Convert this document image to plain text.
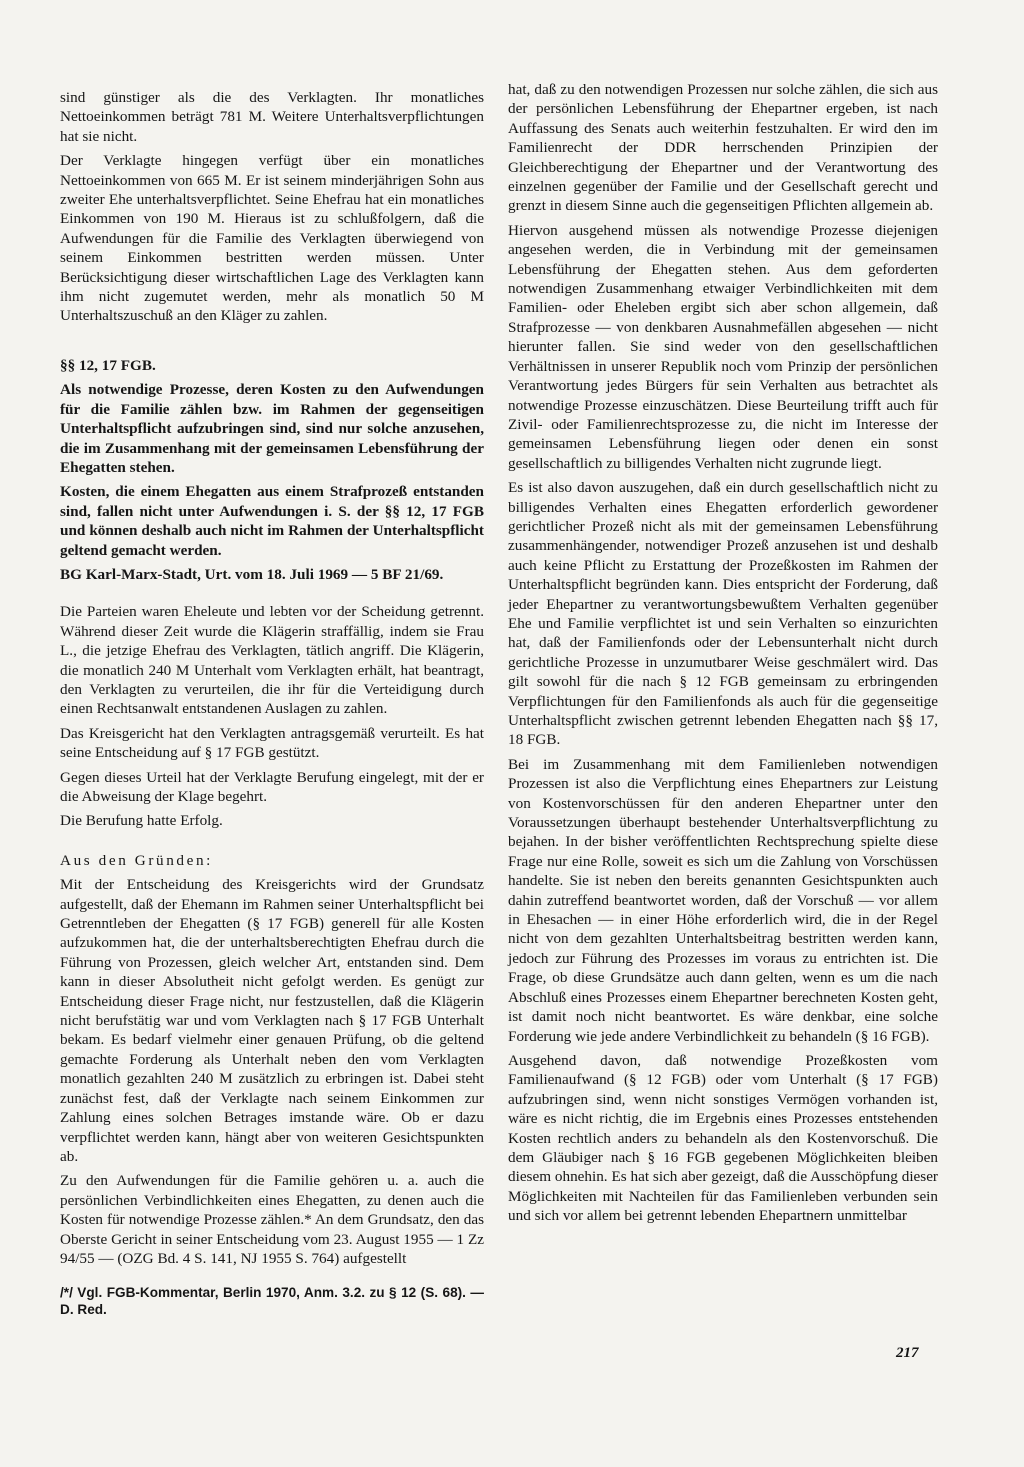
sind günstiger als die des Verklagten. Ihr monatliches Nettoeinkommen beträgt 781 M. Weitere Unterhaltsverpflichtungen hat sie nicht.

Der Verklagte hingegen verfügt über ein monatliches Nettoeinkommen von 665 M. Er ist seinem minderjährigen Sohn aus zweiter Ehe unterhaltsverpflichtet. Seine Ehefrau hat ein monatliches Einkommen von 190 M. Hieraus ist zu schlußfolgern, daß die Aufwendungen für die Familie des Verklagten überwiegend von seinem Einkommen bestritten werden müssen. Unter Berücksichtigung dieser wirtschaftlichen Lage des Verklagten kann ihm nicht zugemutet werden, mehr als monatlich 50 M Unterhaltszuschuß an den Kläger zu zahlen.

§§ 12, 17 FGB.

Als notwendige Prozesse, deren Kosten zu den Aufwendungen für die Familie zählen bzw. im Rahmen der gegenseitigen Unterhaltspflicht aufzubringen sind, sind nur solche anzusehen, die im Zusammenhang mit der gemeinsamen Lebensführung der Ehegatten stehen.

Kosten, die einem Ehegatten aus einem Strafprozeß entstanden sind, fallen nicht unter Aufwendungen i. S. der §§ 12, 17 FGB und können deshalb auch nicht im Rahmen der Unterhaltspflicht geltend gemacht werden.

BG Karl-Marx-Stadt, Urt. vom 18. Juli 1969 — 5 BF 21/69.

Die Parteien waren Eheleute und lebten vor der Scheidung getrennt. Während dieser Zeit wurde die Klägerin straffällig, indem sie Frau L., die jetzige Ehefrau des Verklagten, tätlich angriff. Die Klägerin, die monatlich 240 M Unterhalt vom Verklagten erhält, hat beantragt, den Verklagten zu verurteilen, die ihr für die Verteidigung durch einen Rechtsanwalt entstandenen Auslagen zu zahlen.

Das Kreisgericht hat den Verklagten antragsgemäß verurteilt. Es hat seine Entscheidung auf § 17 FGB gestützt.

Gegen dieses Urteil hat der Verklagte Berufung eingelegt, mit der er die Abweisung der Klage begehrt.

Die Berufung hatte Erfolg.

Aus den Gründen:

Mit der Entscheidung des Kreisgerichts wird der Grundsatz aufgestellt, daß der Ehemann im Rahmen seiner Unterhaltspflicht bei Getrenntleben der Ehegatten (§ 17 FGB) generell für alle Kosten aufzukommen hat, die der unterhaltsberechtigten Ehefrau durch die Führung von Prozessen, gleich welcher Art, entstanden sind. Dem kann in dieser Absolutheit nicht gefolgt werden. Es genügt zur Entscheidung dieser Frage nicht, nur festzustellen, daß die Klägerin nicht berufstätig war und vom Verklagten nach § 17 FGB Unterhalt bekam. Es bedarf vielmehr einer genauen Prüfung, ob die geltend gemachte Forderung als Unterhalt neben den vom Verklagten monatlich gezahlten 240 M zusätzlich zu erbringen ist. Dabei steht zunächst fest, daß der Verklagte nach seinem Einkommen zur Zahlung eines solchen Betrages imstande wäre. Ob er dazu verpflichtet werden kann, hängt aber von weiteren Gesichtspunkten ab.

Zu den Aufwendungen für die Familie gehören u. a. auch die persönlichen Verbindlichkeiten eines Ehegatten, zu denen auch die Kosten für notwendige Prozesse zählen.* An dem Grundsatz, den das Oberste Gericht in seiner Entscheidung vom 23. August 1955 — 1 Zz 94/55 — (OZG Bd. 4 S. 141, NJ 1955 S. 764) aufgestellt

/*/ Vgl. FGB-Kommentar, Berlin 1970, Anm. 3.2. zu § 12 (S. 68). — D. Red.

hat, daß zu den notwendigen Prozessen nur solche zählen, die sich aus der persönlichen Lebensführung der Ehepartner ergeben, ist nach Auffassung des Senats auch weiterhin festzuhalten. Er wird den im Familienrecht der DDR herrschenden Prinzipien der Gleichberechtigung der Ehepartner und der Verantwortung des einzelnen gegenüber der Familie und der Gesellschaft gerecht und grenzt in diesem Sinne auch die gegenseitigen Pflichten allgemein ab.

Hiervon ausgehend müssen als notwendige Prozesse diejenigen angesehen werden, die in Verbindung mit der gemeinsamen Lebensführung der Ehegatten stehen. Aus dem geforderten notwendigen Zusammenhang etwaiger Verbindlichkeiten mit dem Familien- oder Eheleben ergibt sich aber schon allgemein, daß Strafprozesse — von denkbaren Ausnahmefällen abgesehen — nicht hierunter fallen. Sie sind weder von den gesellschaftlichen Verhältnissen in unserer Republik noch vom Prinzip der persönlichen Verantwortung jedes Bürgers für sein Verhalten aus betrachtet als notwendige Prozesse einzuschätzen. Diese Beurteilung trifft auch für Zivil- oder Familienrechtsprozesse zu, die nicht im Interesse der gemeinsamen Lebensführung liegen oder denen ein sonst gesellschaftlich zu billigendes Verhalten nicht zugrunde liegt.

Es ist also davon auszugehen, daß ein durch gesellschaftlich nicht zu billigendes Verhalten eines Ehegatten erforderlich gewordener gerichtlicher Prozeß nicht als mit der gemeinsamen Lebensführung zusammenhängender, notwendiger Prozeß anzusehen ist und deshalb auch keine Pflicht zu Erstattung der Prozeßkosten im Rahmen der Unterhaltspflicht begründen kann. Dies entspricht der Forderung, daß jeder Ehepartner zu verantwortungsbewußtem Verhalten gegenüber Ehe und Familie verpflichtet ist und sein Verhalten so einzurichten hat, daß der Familienfonds oder der Lebensunterhalt nicht durch gerichtliche Prozesse in unzumutbarer Weise geschmälert wird. Das gilt sowohl für die nach § 12 FGB gemeinsam zu erbringenden Verpflichtungen für den Familienfonds als auch für die gegenseitige Unterhaltspflicht zwischen getrennt lebenden Ehegatten nach §§ 17, 18 FGB.

Bei im Zusammenhang mit dem Familienleben notwendigen Prozessen ist also die Verpflichtung eines Ehepartners zur Leistung von Kostenvorschüssen für den anderen Ehepartner unter den Voraussetzungen überhaupt bestehender Unterhaltsverpflichtung zu bejahen. In der bisher veröffentlichten Rechtsprechung spielte diese Frage nur eine Rolle, soweit es sich um die Zahlung von Vorschüssen handelte. Sie ist neben den bereits genannten Gesichtspunkten auch dahin zutreffend beantwortet worden, daß der Vorschuß — vor allem in Ehesachen — in einer Höhe erforderlich wird, die in der Regel nicht von dem gezahlten Unterhaltsbeitrag bestritten werden kann, jedoch zur Führung des Prozesses im voraus zu entrichten ist. Die Frage, ob diese Grundsätze auch dann gelten, wenn es um die nach Abschluß eines Prozesses einem Ehepartner berechneten Kosten geht, ist damit noch nicht beantwortet. Es wäre denkbar, eine solche Forderung wie jede andere Verbindlichkeit zu behandeln (§ 16 FGB).

Ausgehend davon, daß notwendige Prozeßkosten vom Familienaufwand (§ 12 FGB) oder vom Unterhalt (§ 17 FGB) aufzubringen sind, wenn nicht sonstiges Vermögen vorhanden ist, wäre es nicht richtig, die im Ergebnis eines Prozesses entstehenden Kosten rechtlich anders zu behandeln als den Kostenvorschuß. Die dem Gläubiger nach § 16 FGB gegebenen Möglichkeiten bleiben diesem ohnehin. Es hat sich aber gezeigt, daß die Ausschöpfung dieser Möglichkeiten mit Nachteilen für das Familienleben verbunden sein und sich vor allem bei getrennt lebenden Ehepartnern unmittelbar

217
